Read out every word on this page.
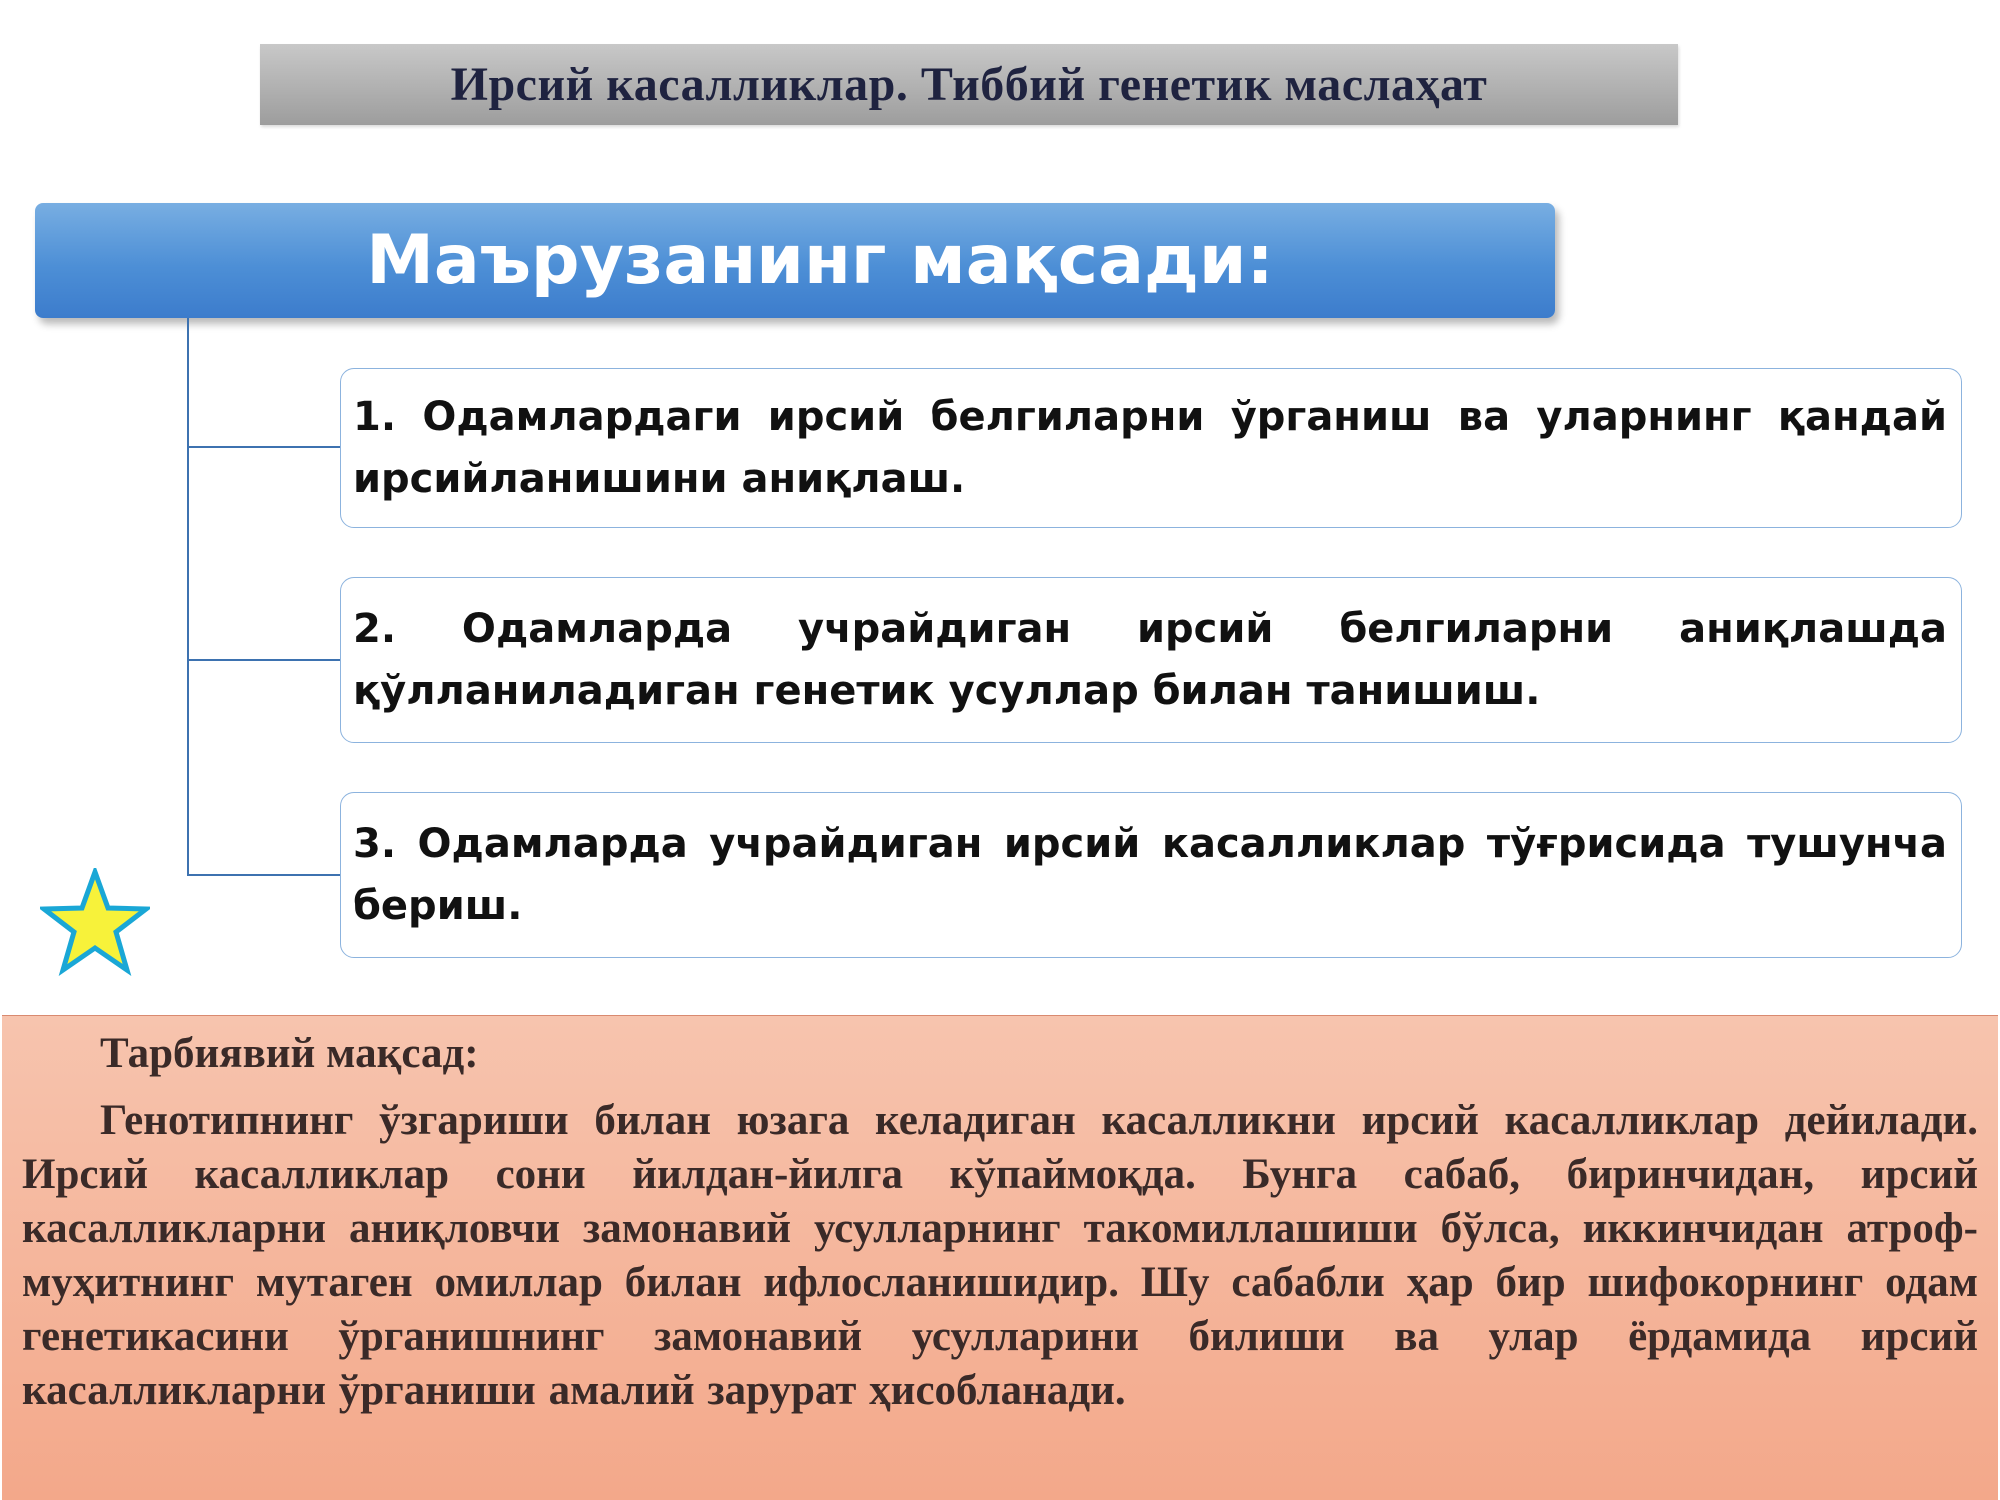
Ирсий касалликлар. Тиббий генетик маслаҳат
Маърузанинг мақсади:

1. Одамлардаги ирсий белгиларни ўрганиш ва уларнинг қандай ирсийланишини аниқлаш.

2. Одамларда учрайдиган ирсий белгиларни аниқлашда қўлланиладиган генетик усуллар билан танишиш.

3. Одамларда учрайдиган ирсий касалликлар тўғрисида тушунча бериш.

Тарбиявий мақсад:

Генотипнинг ўзгариши билан юзага келадиган касалликни ирсий касалликлар дейилади. Ирсий касалликлар сони йилдан-йилга кўпаймоқда. Бунга сабаб, биринчидан, ирсий касалликларни аниқловчи замонавий усулларнинг такомиллашиши бўлса, иккинчидан атроф-муҳитнинг мутаген омиллар билан ифлосланишидир. Шу сабабли ҳар бир шифокорнинг одам генетикасини ўрганишнинг замонавий усулларини билиши ва улар ёрдамида ирсий касалликларни ўрганиши амалий зарурат ҳисобланади.
